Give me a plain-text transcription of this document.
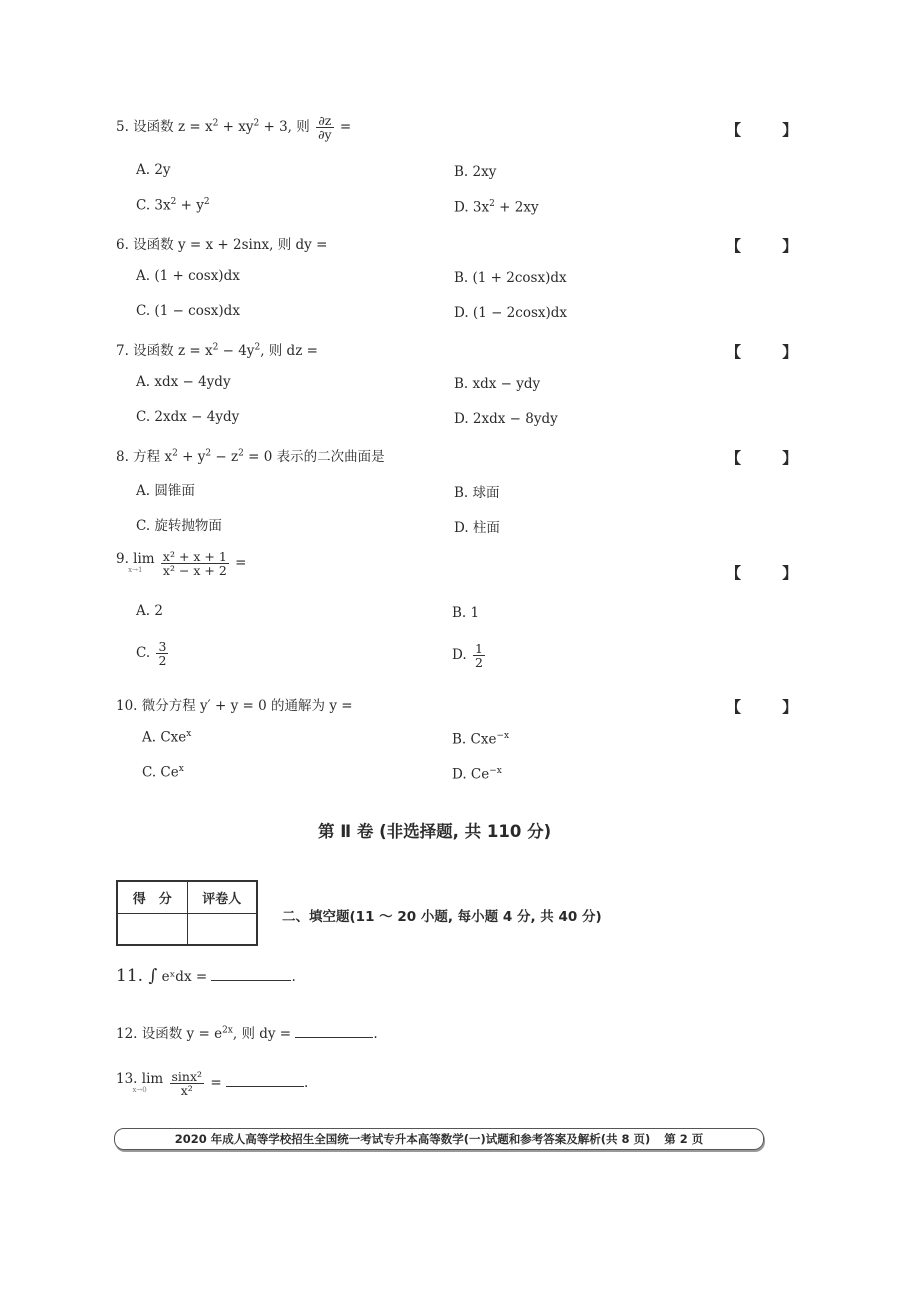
5. 设函数 $z = x^2 + xy^2 + 3$, 则 $\frac{\partial z}{\partial y}$ =	【 】
A. 2y	B. 2xy
C. $3x^2 + y^2$	D. $3x^2 + 2xy$
6. 设函数 y = x + 2sinx, 则 dy =	【 】
A. (1 + cosx)dx	B. (1 + 2cosx)dx
C. (1 − cosx)dx	D. (1 − 2cosx)dx
7. 设函数 $z = x^2 - 4y^2$, 则 dz =	【 】
A. xdx − 4ydy	B. xdx − ydy
C. 2xdx − 4ydy	D. 2xdx − 8ydy
8. 方程 $x^2 + y^2 - z^2 = 0$ 表示的二次曲面是	【 】
A. 圆锥面	B. 球面
C. 旋转抛物面	D. 柱面
9. lim
x→1
	$\frac{\text{x² + x + 1}}{\text{x² − x + 2}}$ =
【 】
A. 2	B. 1
C. $\frac{3}{2}$	D. $\frac{1}{2}$
10. 微分方程 y′ + y = 0 的通解为 y =	【 】
A. Cxe$^x$	B. Cxe$^{-x}$
C. Ce$^x$	D. $Ce^{-x}$
第 Ⅱ 卷 (非选择题, 共 110 分)
得　分	评卷人

二、填空题(11 ～ 20 小题, 每小题 4 分, 共 40 分)
11. ∫ eˣdx =	.
12. 设函数 $y = e^{2x}$, 则 dy =	.
13. lim
x→0
	$\frac{\text{sinx²}}{\text{x²}}$ =	.
2020 年成人高等学校招生全国统一考试专升本高等数学(一)试题和参考答案及解析(共 8 页) 第 2 页
